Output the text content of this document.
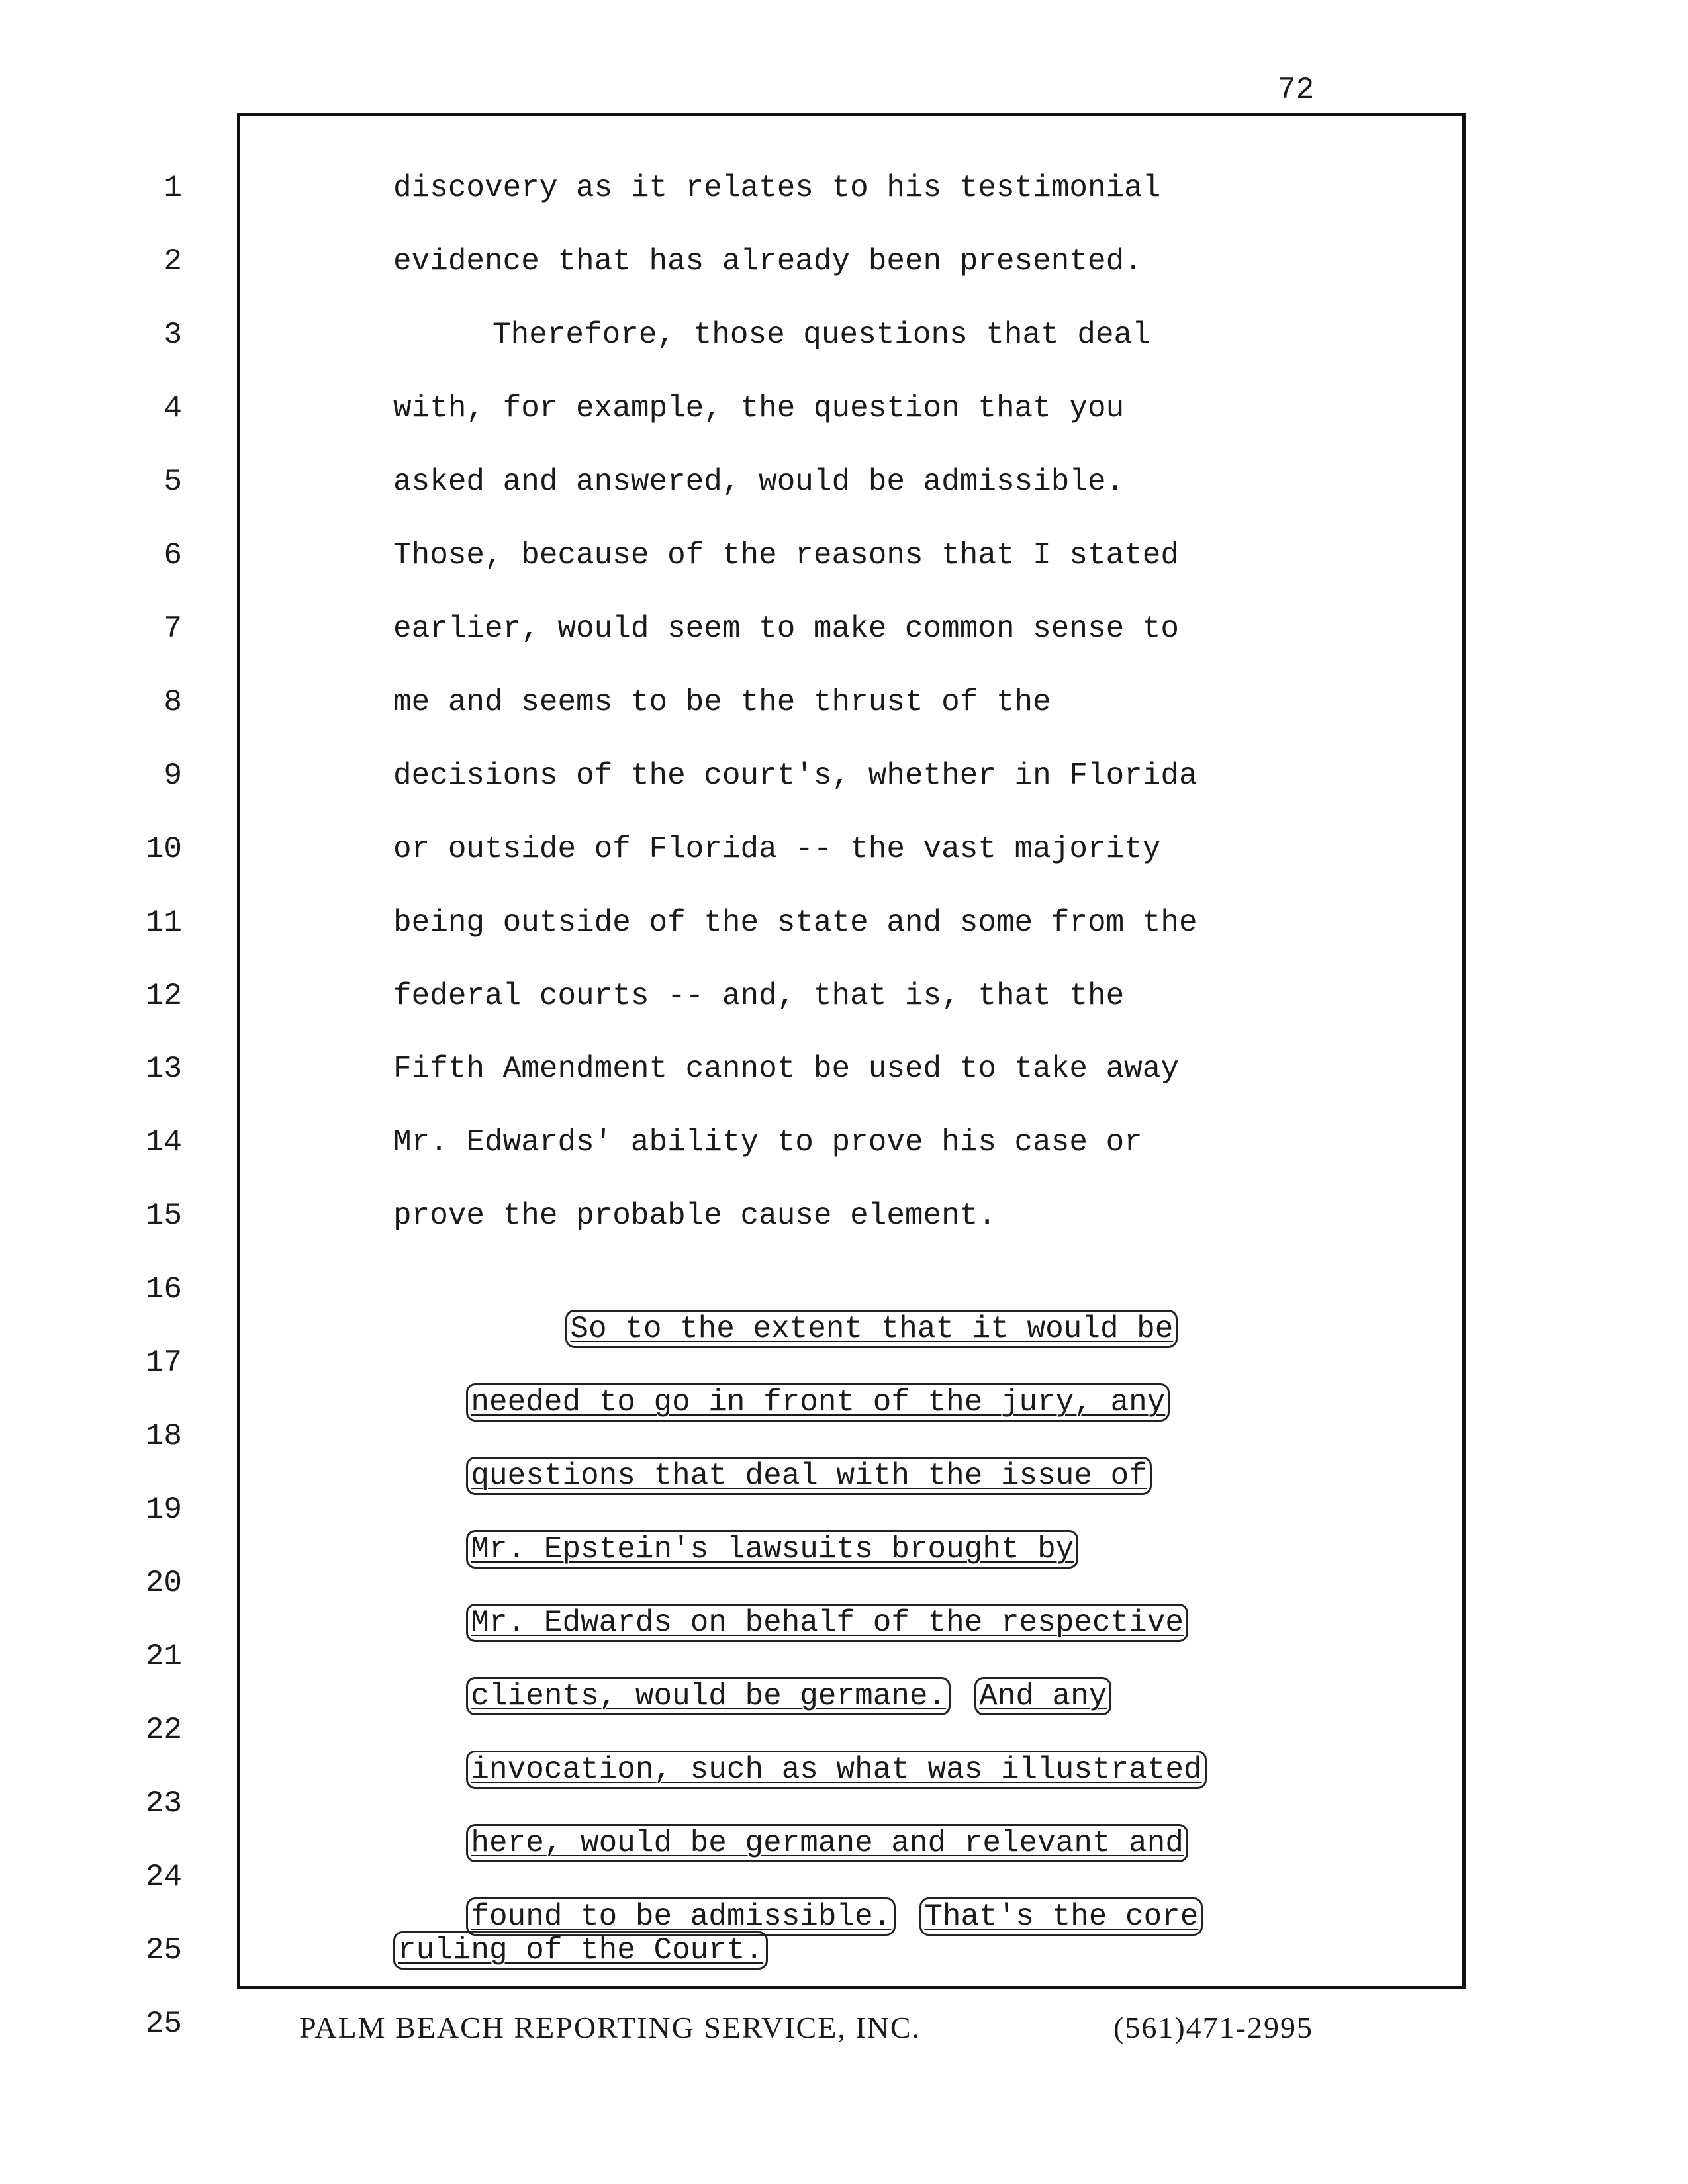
72
1
2
3
4
5
6
7
8
9
10
11
12
13
14
15
16
17
18
19
20
21
22
23
24
25
discovery as it relates to his testimonial
evidence that has already been presented.
Therefore, those questions that deal
with, for example, the question that you
asked and answered, would be admissible.
Those, because of the reasons that I stated
earlier, would seem to make common sense to
me and seems to be the thrust of the
decisions of the court's, whether in Florida
or outside of Florida -- the vast majority
being outside of the state and some from the
federal courts -- and, that is, that the
Fifth Amendment cannot be used to take away
Mr. Edwards' ability to prove his case or
prove the probable cause element.

So to the extent that it would be

needed to go in front of the jury, any

questions that deal with the issue of

Mr. Epstein's lawsuits brought by

Mr. Edwards on behalf of the respective

clients, would be germane. And any

invocation, such as what was illustrated

here, would be germane and relevant and

found to be admissible. That's the core

PALM BEACH REPORTING SERVICE, INC.	(561)471-2995
25
ruling of the Court.
